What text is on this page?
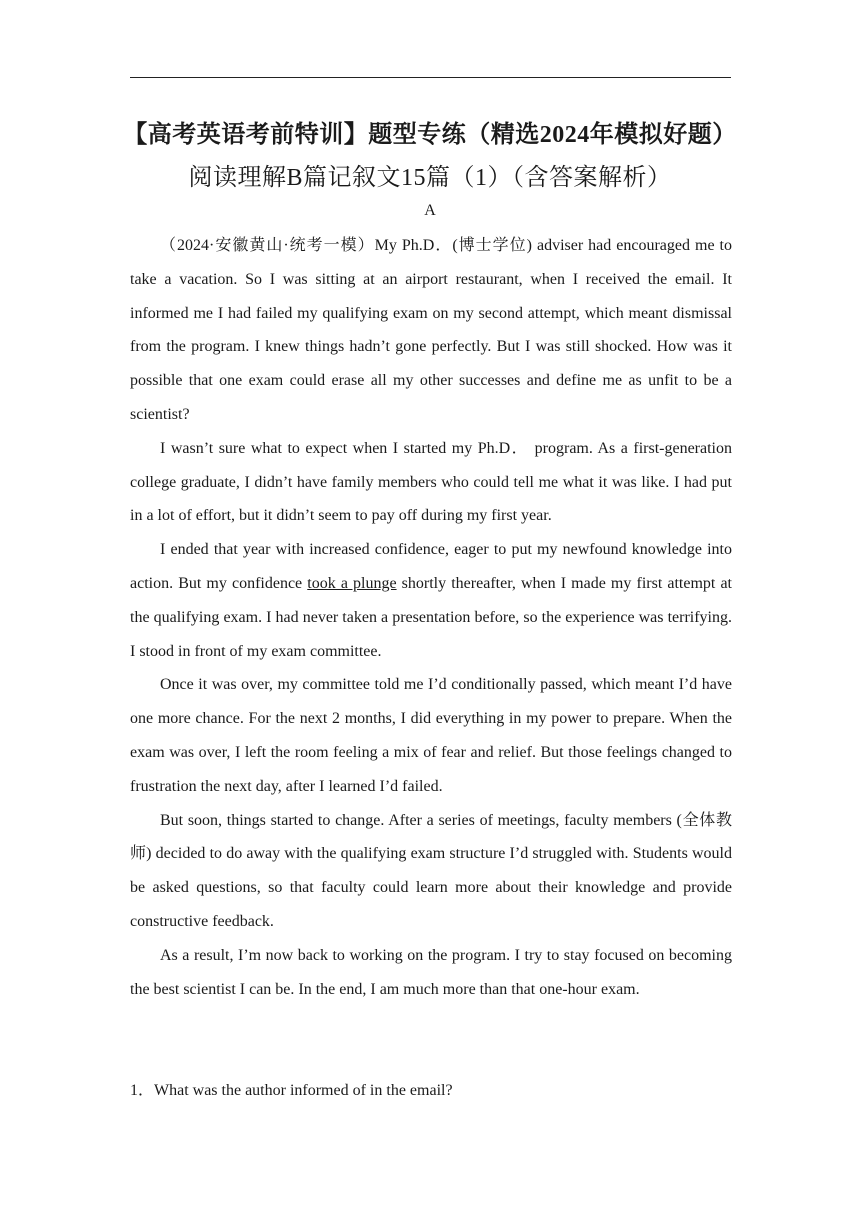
【高考英语考前特训】题型专练（精选2024年模拟好题）
阅读理解B篇记叙文15篇（1）（含答案解析）
A

（2024·安徽黄山·统考一模）My Ph.D．(博士学位) adviser had encouraged me to take a vacation. So I was sitting at an airport restaurant, when I received the email. It informed me I had failed my qualifying exam on my second attempt, which meant dismissal from the program. I knew things hadn’t gone perfectly. But I was still shocked. How was it possible that one exam could erase all my other successes and define me as unfit to be a scientist?

I wasn’t sure what to expect when I started my Ph.D． program. As a first-generation college graduate, I didn’t have family members who could tell me what it was like. I had put in a lot of effort, but it didn’t seem to pay off during my first year.

I ended that year with increased confidence, eager to put my newfound knowledge into action. But my confidence took a plunge shortly thereafter, when I made my first attempt at the qualifying exam. I had never taken a presentation before, so the experience was terrifying. I stood in front of my exam committee.

Once it was over, my committee told me I’d conditionally passed, which meant I’d have one more chance. For the next 2 months, I did everything in my power to prepare. When the exam was over, I left the room feeling a mix of fear and relief. But those feelings changed to frustration the next day, after I learned I’d failed.

But soon, things started to change. After a series of meetings, faculty members (全体教师) decided to do away with the qualifying exam structure I’d struggled with. Students would be asked questions, so that faculty could learn more about their knowledge and provide constructive feedback.

As a result, I’m now back to working on the program. I try to stay focused on becoming the best scientist I can be. In the end, I am much more than that one-hour exam.

1．What was the author informed of in the email?
